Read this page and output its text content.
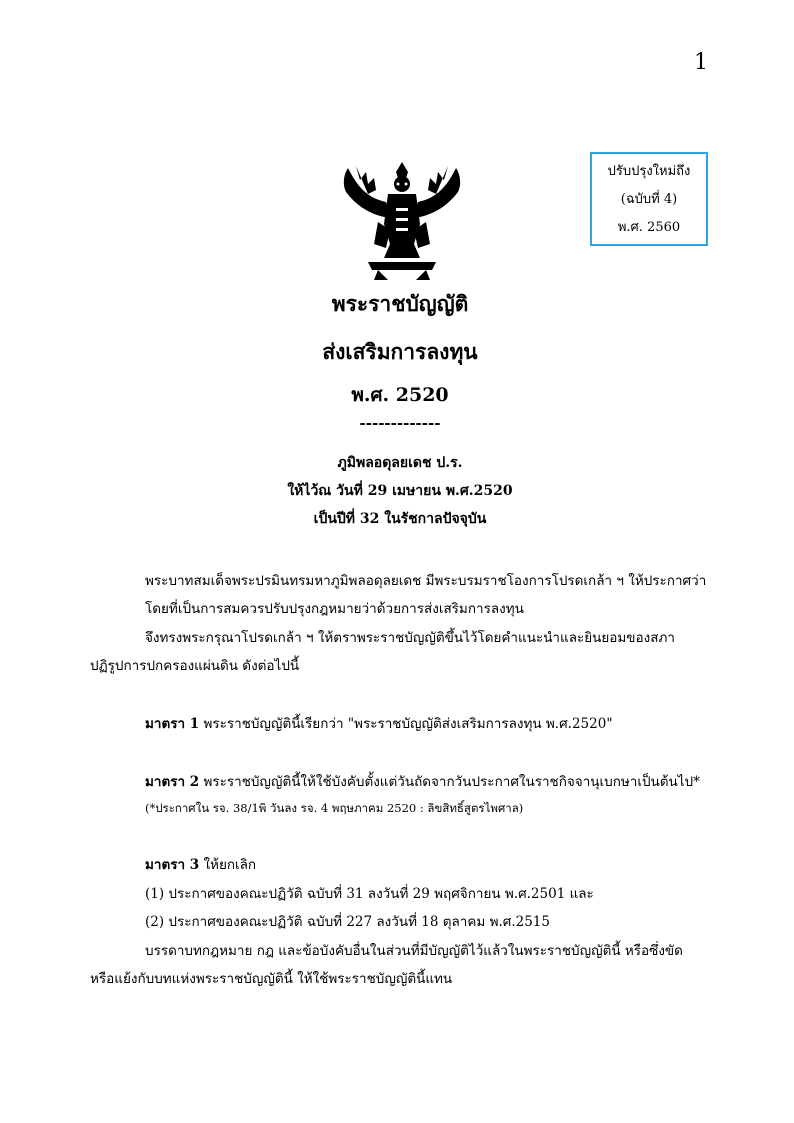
1
ปรับปรุงใหม่ถึง
(ฉบับที่ 4)
พ.ศ. 2560
พระราชบัญญัติ
ส่งเสริมการลงทุน
พ.ศ. 2520
-------------
ภูมิพลอดุลยเดช ป.ร.
ให้ไว้ณ วันที่ 29 เมษายน พ.ศ.2520
เป็นปีที่ 32 ในรัชกาลปัจจุบัน
พระบาทสมเด็จพระปรมินทรมหาภูมิพลอดุลยเดช มีพระบรมราชโองการโปรดเกล้า ฯ ให้ประกาศว่า
โดยที่เป็นการสมควรปรับปรุงกฎหมายว่าด้วยการส่งเสริมการลงทุน
จึงทรงพระกรุณาโปรดเกล้า ฯ ให้ตราพระราชบัญญัติขึ้นไว้โดยคำแนะนำและยินยอมของสภา
ปฏิรูปการปกครองแผ่นดิน ดังต่อไปนี้
มาตรา 1 พระราชบัญญัตินี้เรียกว่า "พระราชบัญญัติส่งเสริมการลงทุน พ.ศ.2520"
มาตรา 2 พระราชบัญญัตินี้ให้ใช้บังคับตั้งแต่วันถัดจากวันประกาศในราชกิจจานุเบกษาเป็นต้นไป*
(*ประกาศใน รจ. 38/1พิ วันลง รจ. 4 พฤษภาคม 2520 : ลิขสิทธิ์สูตรไพศาล)
มาตรา 3 ให้ยกเลิก
(1) ประกาศของคณะปฏิวัติ ฉบับที่ 31 ลงวันที่ 29 พฤศจิกายน พ.ศ.2501 และ
(2) ประกาศของคณะปฏิวัติ ฉบับที่ 227 ลงวันที่ 18 ตุลาคม พ.ศ.2515
บรรดาบทกฎหมาย กฎ และข้อบังคับอื่นในส่วนที่มีบัญญัติไว้แล้วในพระราชบัญญัตินี้ หรือซึ่งขัด
หรือแย้งกับบทแห่งพระราชบัญญัตินี้ ให้ใช้พระราชบัญญัตินี้แทน
